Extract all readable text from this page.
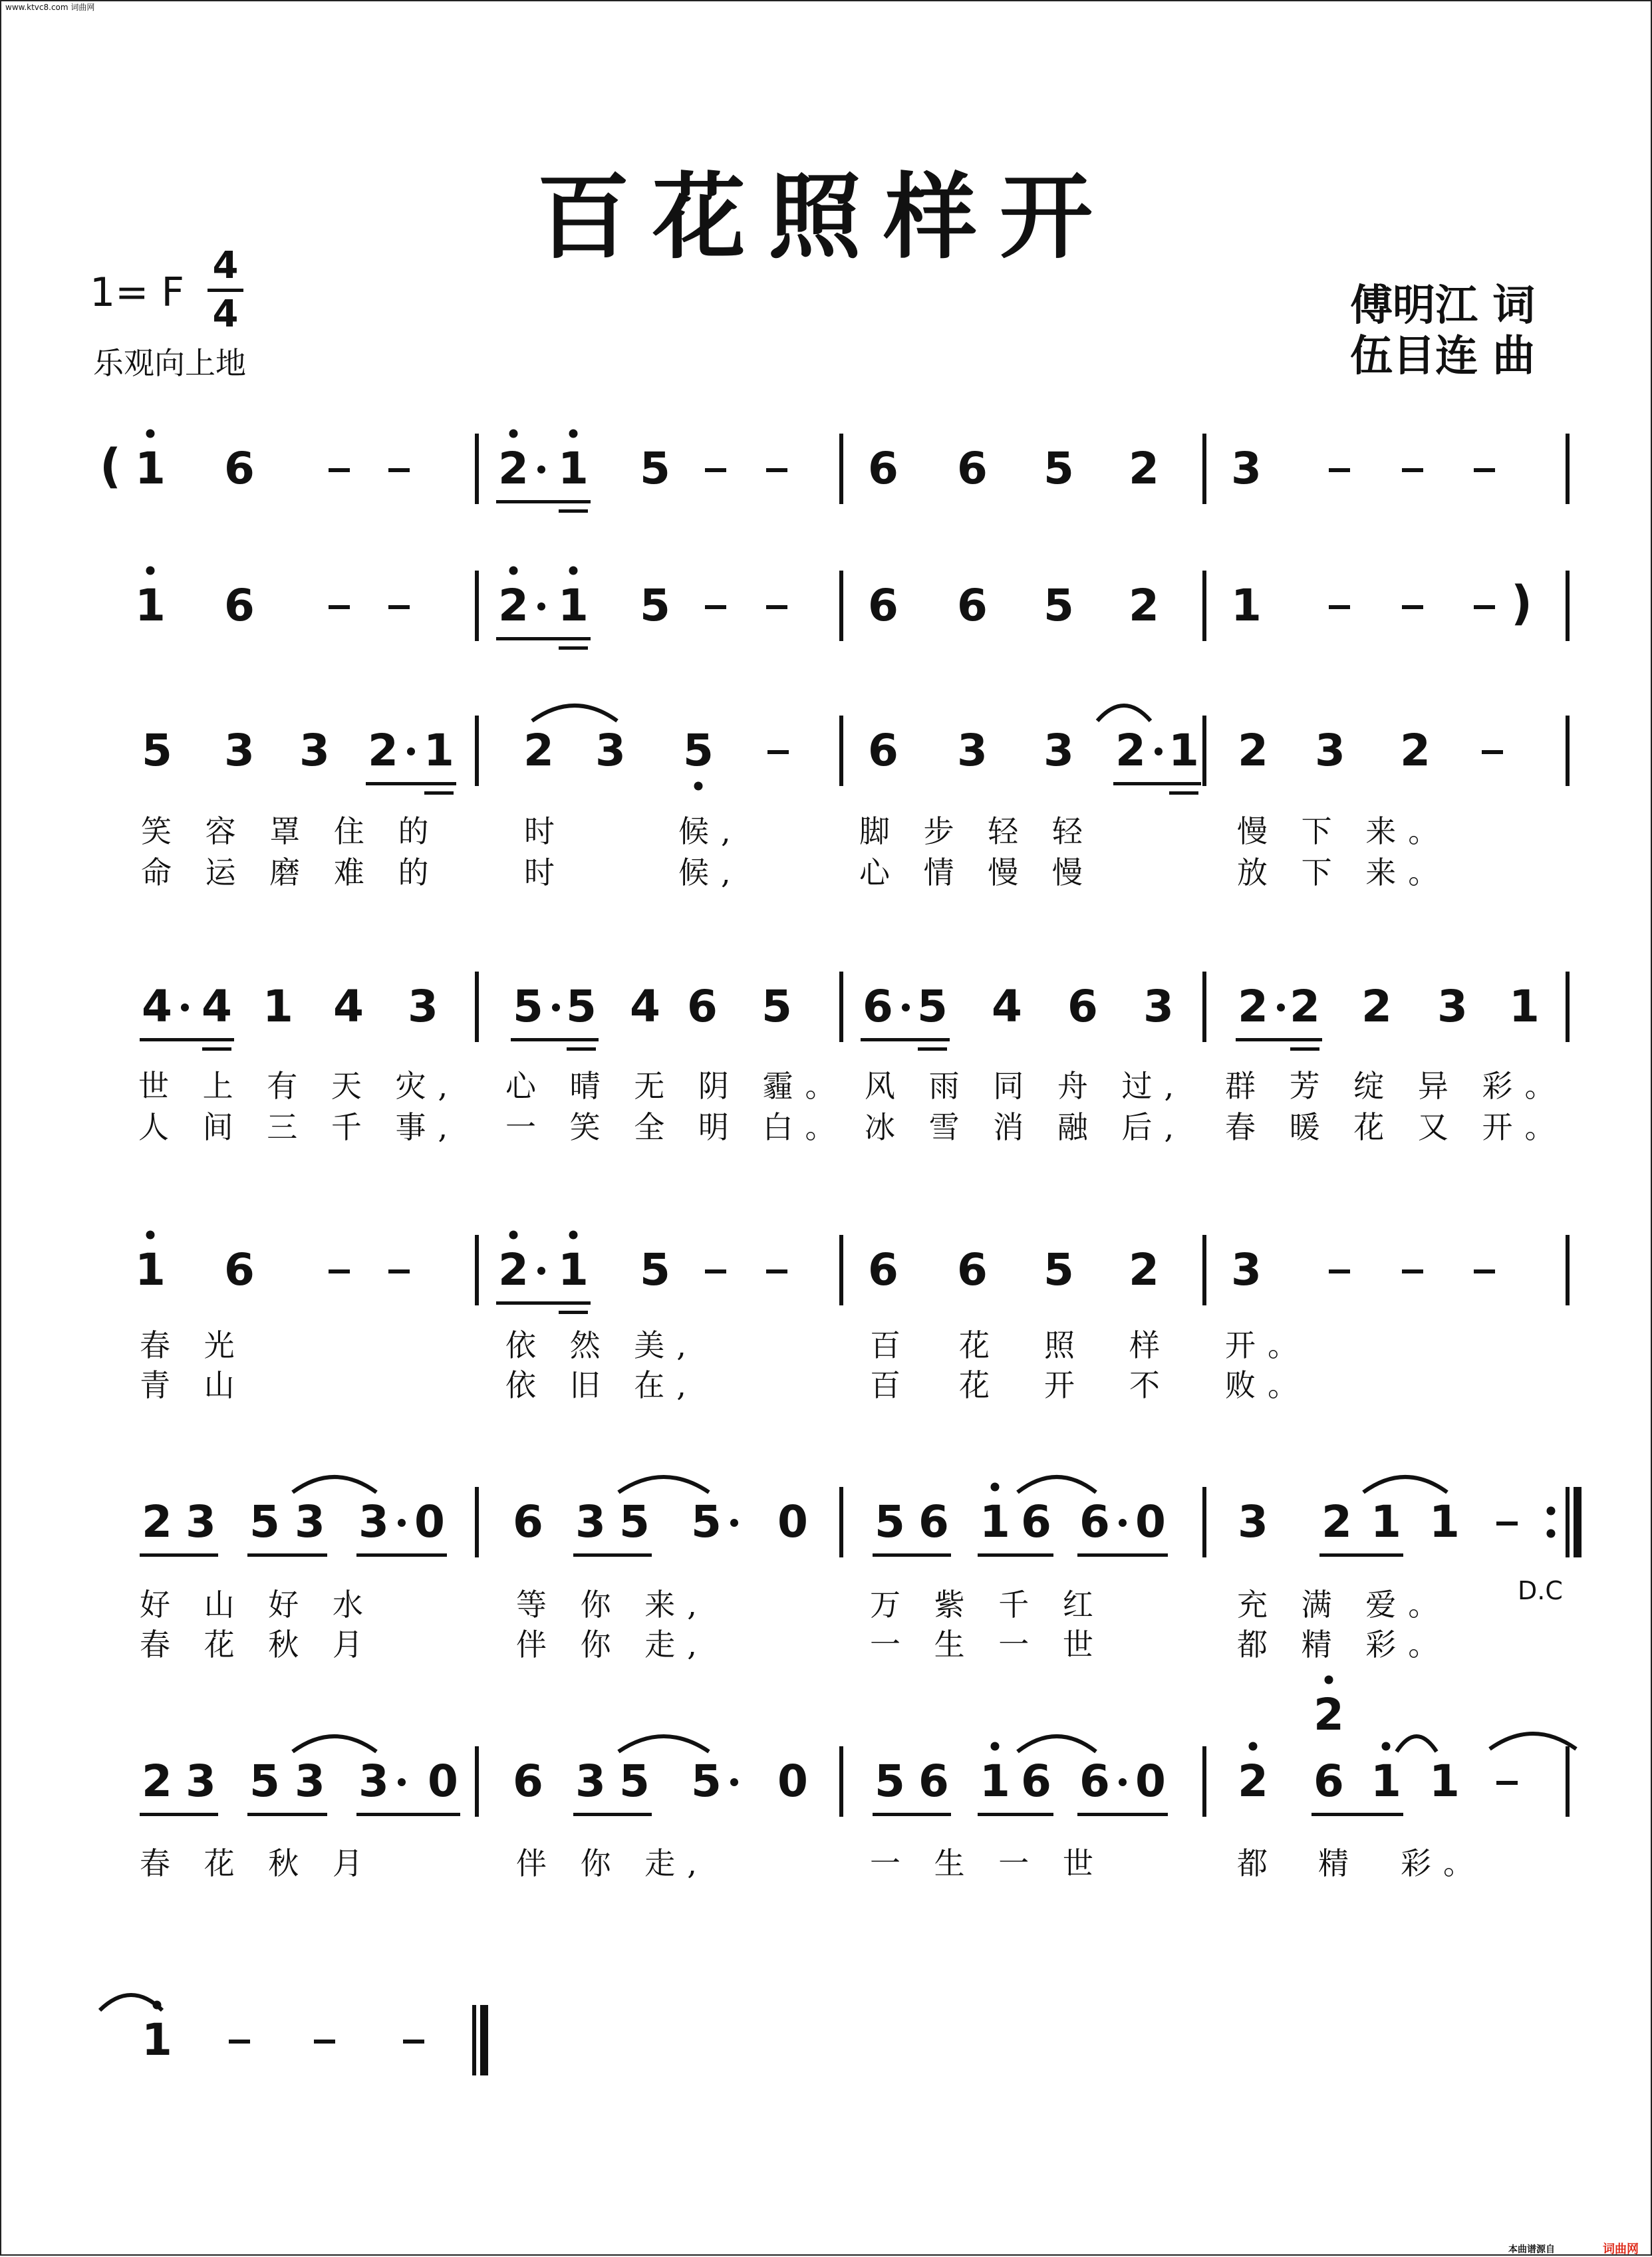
www.ktvc8.com 词曲网
百花照样开
1= F
4
4
乐观向上地
傅明江 词
伍目连 曲
1 6	2 1 5	6 6 5 2 3
1 6	2 1 5	6 6 5 2 1
5 3 3 2 1 2 3 5	6 3 3 2 1 2 3 2
4 4 1 4 3 5 5 4 6 5 6 5 4 6 3 2 2 2 3 1
1 6	2 1 5	6 6 5 2 3
2 3 5 3 3 0 6 3 5 5 0 5 6 1 6 6 0 3 2 1 1
2 3 5 3 3 0 6 3 5 5 0 5 6 1 6 6 0 2
2
6 1 1
1
(
)
笑 容 罩 住 的	时	候,	脚 步 轻 轻	慢 下 来。
命 运 磨 难 的	时	候,	心 情 慢 慢	放 下 来。
世 上 有 天 灾, 心 晴 无 阴 霾。 风 雨 同 舟 过, 群 芳 绽 异 彩。
人 间 三 千 事, 一 笑 全 明 白。 冰 雪 消 融 后, 春 暖 花 又 开。
春 光	依 然 美,	百 花 照 样 开。
青 山	依 旧 在,	百 花 开 不 败。
好 山 好 水	等 你 来,	万 紫 千 红	充 满 爱。
春 花 秋 月	伴 你 走,	一 生 一 世	都 精 彩。
春 花 秋 月	伴 你 走,	一 生 一 世	都 精 彩。
D.C
本曲谱源自	词曲网
